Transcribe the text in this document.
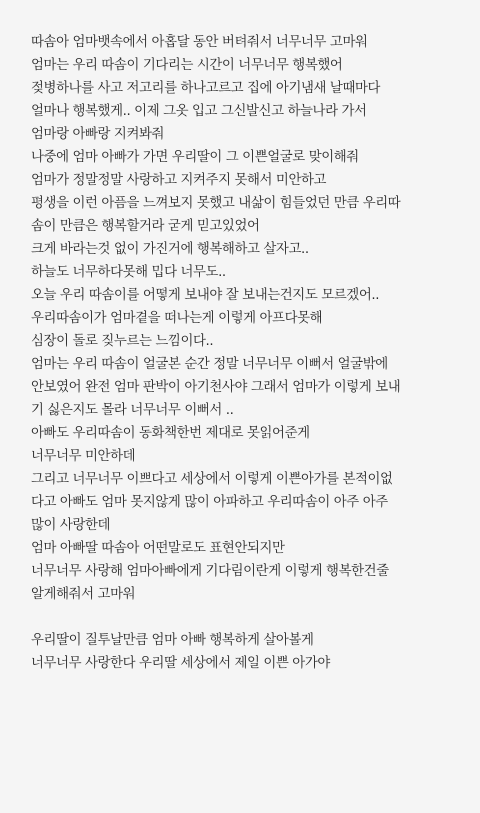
따솜아 엄마뱃속에서 아홉달 동안 버텨줘서 너무너무 고마워
엄마는 우리 따솜이 기다리는 시간이 너무너무 행복했어
젖병하나를 사고 저고리를 하나고르고 집에 아기냄새 날때마다
얼마나 행복했게.. 이제 그옷 입고 그신발신고 하늘나라 가서
엄마랑 아빠랑 지켜봐줘
나중에 엄마 아빠가 가면 우리딸이 그 이쁜얼굴로 맞이해줘
엄마가 정말정말 사랑하고 지켜주지 못해서 미안하고
평생을 이런 아픔을 느껴보지 못했고 내삶이 힘들었던 만큼 우리따
솜이 만큼은 행복할거라 굳게 믿고있었어
크게 바라는것 없이 가진거에 행복해하고 살자고..
하늘도 너무하다못해 밉다 너무도..
오늘 우리 따솜이를 어떻게 보내야 잘 보내는건지도 모르겠어..
우리따솜이가 엄마곁을 떠나는게 이렇게 아프다못해
심장이 돌로 짖누르는 느낌이다..
엄마는 우리 따솜이 얼굴본 순간 정말 너무너무 이뻐서 얼굴밖에
안보였어 완전 엄마 판박이 아기천사야 그래서 엄마가 이렇게 보내
기 싫은지도 몰라 너무너무 이뻐서 ..
아빠도 우리따솜이 동화책한번 제대로 못읽어준게
너무너무 미안하데
그리고 너무너무 이쁘다고 세상에서 이렇게 이쁜아가를 본적이없
다고 아빠도 엄마 못지않게 많이 아파하고 우리따솜이 아주 아주
많이 사랑한데
엄마 아빠딸 따솜아 어떤말로도 표현안되지만
너무너무 사랑해 엄마아빠에게 기다림이란게 이렇게 행복한건줄
알게해줘서 고마워
우리딸이 질투날만큼 엄마 아빠 행복하게 살아볼게
너무너무 사랑한다 우리딸 세상에서 제일 이쁜 아가야
